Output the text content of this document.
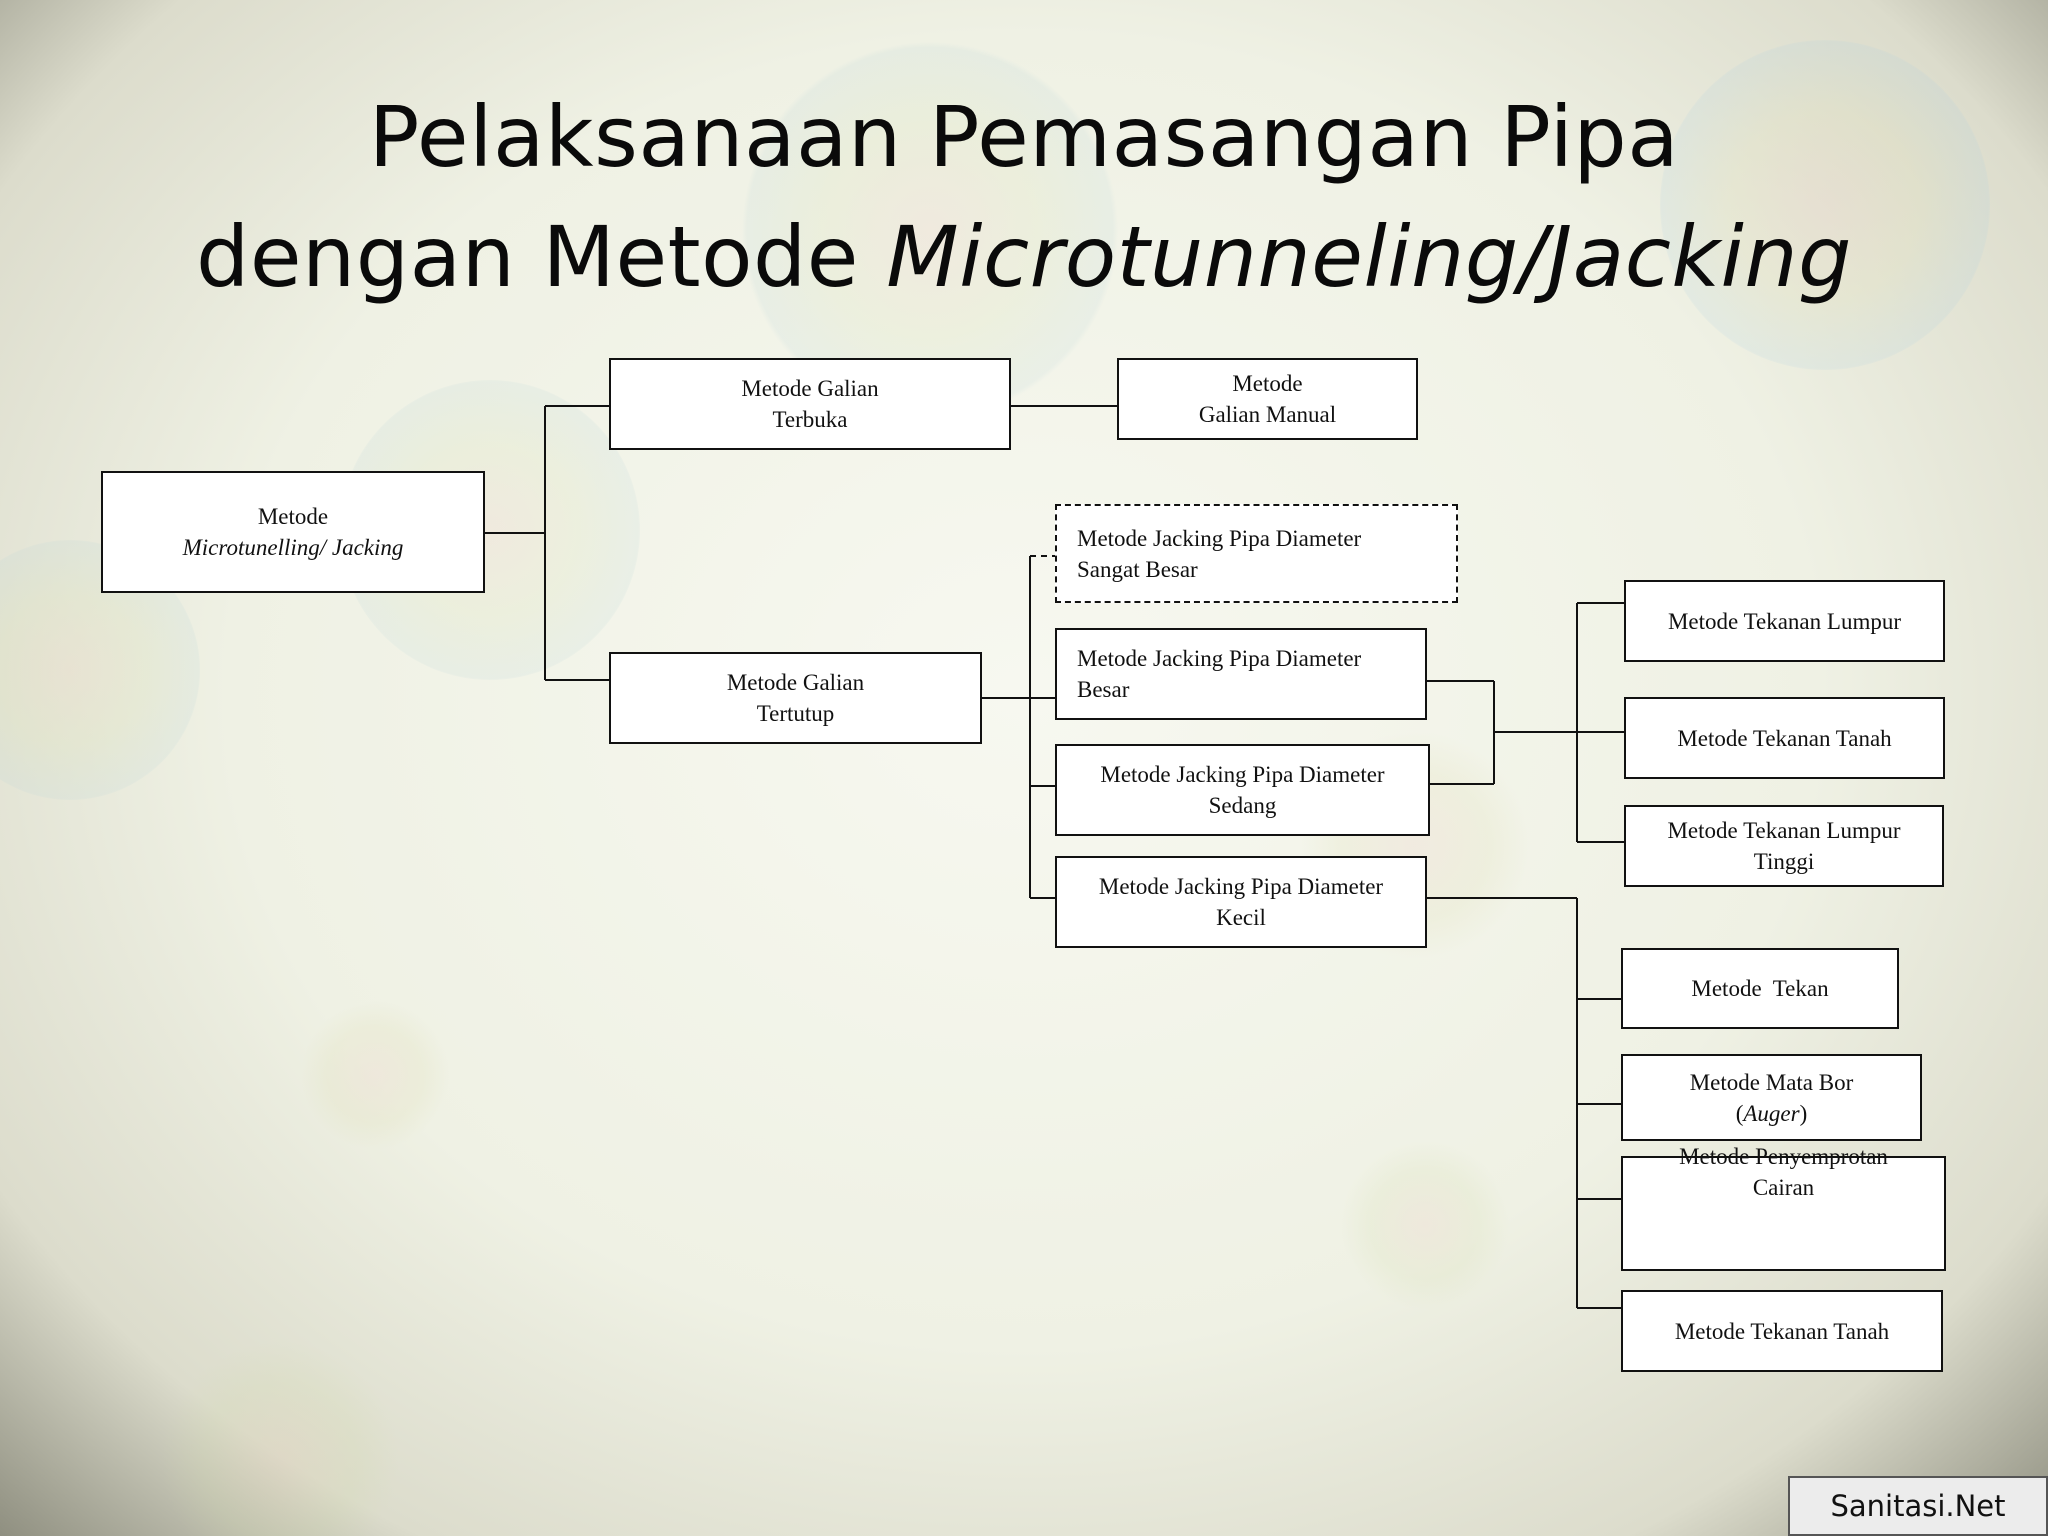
Pelaksanaan Pemasangan Pipa
dengan Metode Microtunneling/Jacking
Metode
Microtunelling/ Jacking
Metode Galian
Terbuka
Metode
Galian Manual
Metode Galian
Tertutup
Metode Jacking Pipa Diameter
Sangat Besar
Metode Jacking Pipa Diameter
Besar
Metode Jacking Pipa Diameter
Sedang
Metode Jacking Pipa Diameter
Kecil
Metode Tekanan Lumpur
Metode Tekanan Tanah
Metode Tekanan Lumpur
Tinggi
Metode  Tekan
Metode Mata Bor
(Auger)
Metode Penyemprotan
Cairan
Metode Tekanan Tanah
Sanitasi.Net
